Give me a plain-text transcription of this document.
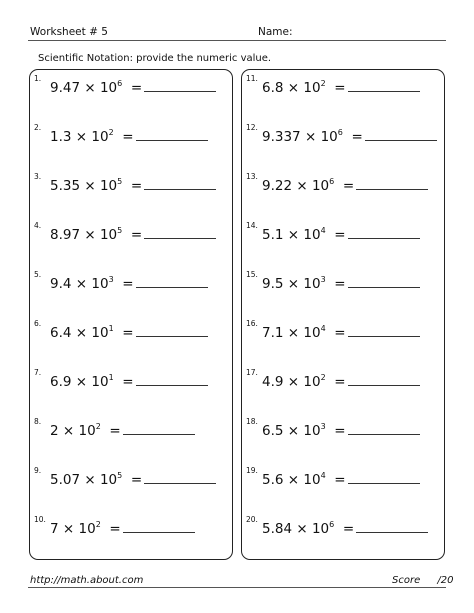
Worksheet # 5	Name:
Scientific Notation: provide the numeric value.
1.
$9.47 \times 10^6$ =
2.
$1.3 \times 10^2$ =
3.
$5.35 \times 10^5$ =
4.
$8.97 \times 10^5$ =
5.
$9.4 \times 10^3$ =
6.
$6.4 \times 10^1$ =
7.
$6.9 \times 10^1$ =
8.
$2 \times 10^2$ =
9.
$5.07 \times 10^5$ =
10.
$7 \times 10^2$ =
11.
$6.8 \times 10^2$ =
12.
$9.337 \times 10^6$ =
13.
$9.22 \times 10^6$ =
14.
$5.1 \times 10^4$ =
15.
$9.5 \times 10^3$ =
16.
$7.1 \times 10^4$ =
17.
$4.9 \times 10^2$ =
18.
$6.5 \times 10^3$ =
19.
$5.6 \times 10^4$ =
20.
$5.84 \times 10^6$ =
http://math.about.com	Score /20
